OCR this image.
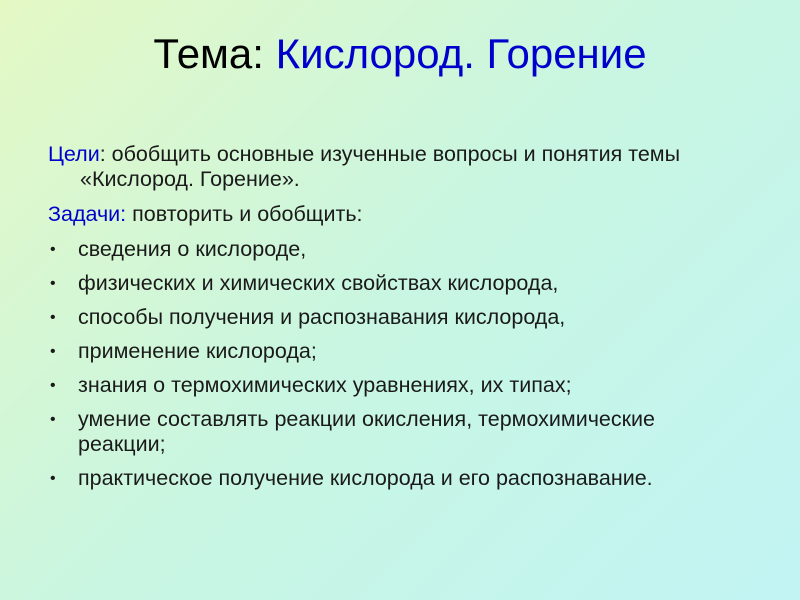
Тема: Кислород. Горение

Цели: обобщить основные изученные вопросы и понятия темы «Кислород. Горение».

Задачи: повторить и обобщить:

• сведения о кислороде,
• физических и химических свойствах кислорода,
• способы получения и распознавания кислорода,
• применение кислорода;
• знания о термохимических уравнениях, их типах;
• умение составлять реакции окисления, термохимические реакции;
• практическое получение кислорода и его распознавание.
